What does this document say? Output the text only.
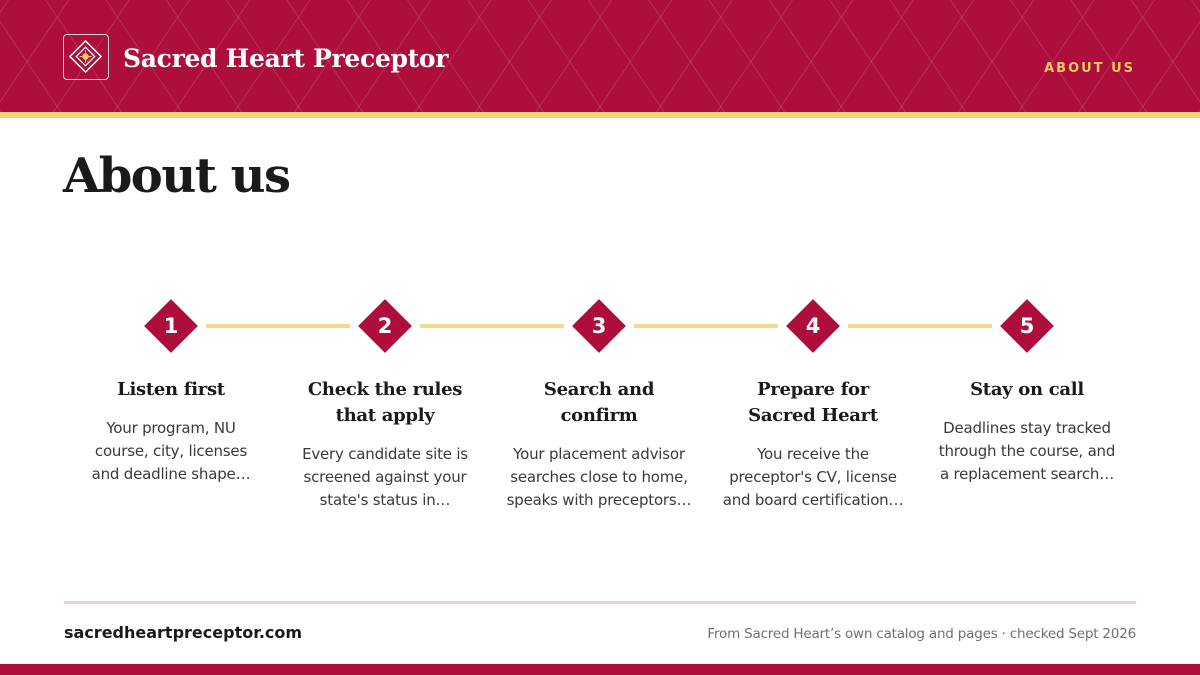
Sacred Heart Preceptor	ABOUT US
About us
1
Listen first
Your program, NU
course, city, licenses
and deadline shape…
2
Check the rules
that apply
Every candidate site is
screened against your
state's status in…
3
Search and
confirm
Your placement advisor
searches close to home,
speaks with preceptors…
4
Prepare for
Sacred Heart
You receive the
preceptor's CV, license
and board certification…
5
Stay on call
Deadlines stay tracked
through the course, and
a replacement search…
sacredheartpreceptor.com	From Sacred Heart’s own catalog and pages · checked Sept 2026
